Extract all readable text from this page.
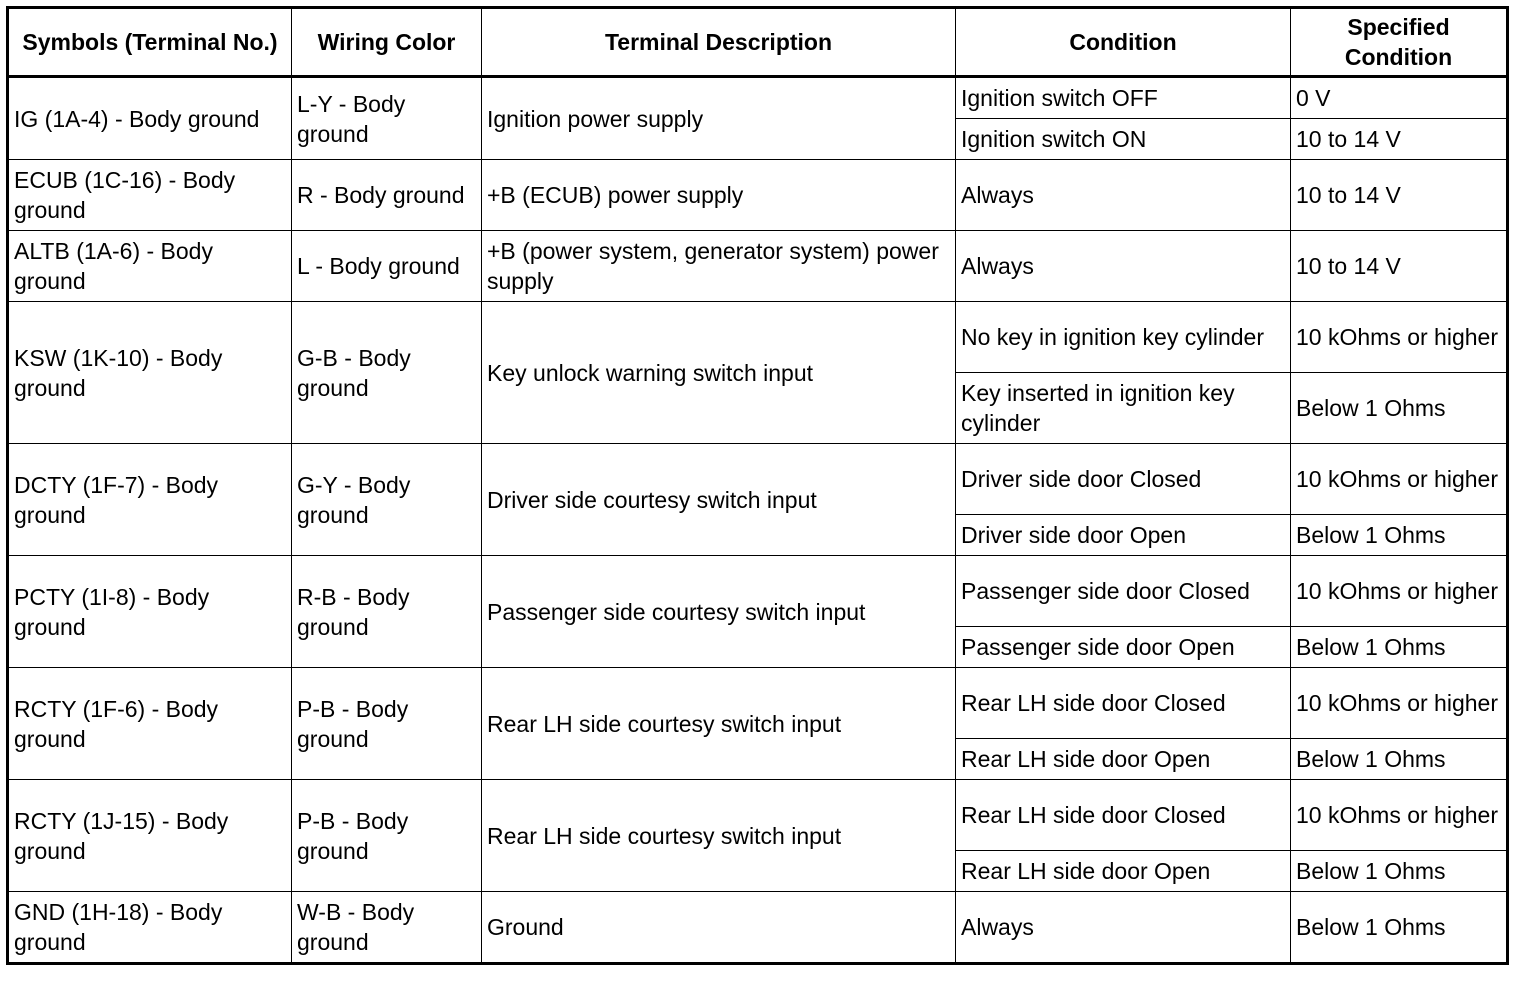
Symbols (Terminal No.)	Wiring Color	Terminal Description	Condition	Specified Condition
IG (1A-4) - Body ground	L-Y - Body ground	Ignition power supply	Ignition switch OFF	0 V
			Ignition switch ON	10 to 14 V
ECUB (1C-16) - Body ground	R - Body ground	+B (ECUB) power supply	Always	10 to 14 V
ALTB (1A-6) - Body ground	L - Body ground	+B (power system, generator system) power supply	Always	10 to 14 V
KSW (1K-10) - Body ground	G-B - Body ground	Key unlock warning switch input	No key in ignition key cylinder	10 kOhms or higher
			Key inserted in ignition key cylinder	Below 1 Ohms
DCTY (1F-7) - Body ground	G-Y - Body ground	Driver side courtesy switch input	Driver side door Closed	10 kOhms or higher
			Driver side door Open	Below 1 Ohms
PCTY (1I-8) - Body ground	R-B - Body ground	Passenger side courtesy switch input	Passenger side door Closed	10 kOhms or higher
			Passenger side door Open	Below 1 Ohms
RCTY (1F-6) - Body ground	P-B - Body ground	Rear LH side courtesy switch input	Rear LH side door Closed	10 kOhms or higher
			Rear LH side door Open	Below 1 Ohms
RCTY (1J-15) - Body ground	P-B - Body ground	Rear LH side courtesy switch input	Rear LH side door Closed	10 kOhms or higher
			Rear LH side door Open	Below 1 Ohms
GND (1H-18) - Body ground	W-B - Body ground	Ground	Always	Below 1 Ohms
